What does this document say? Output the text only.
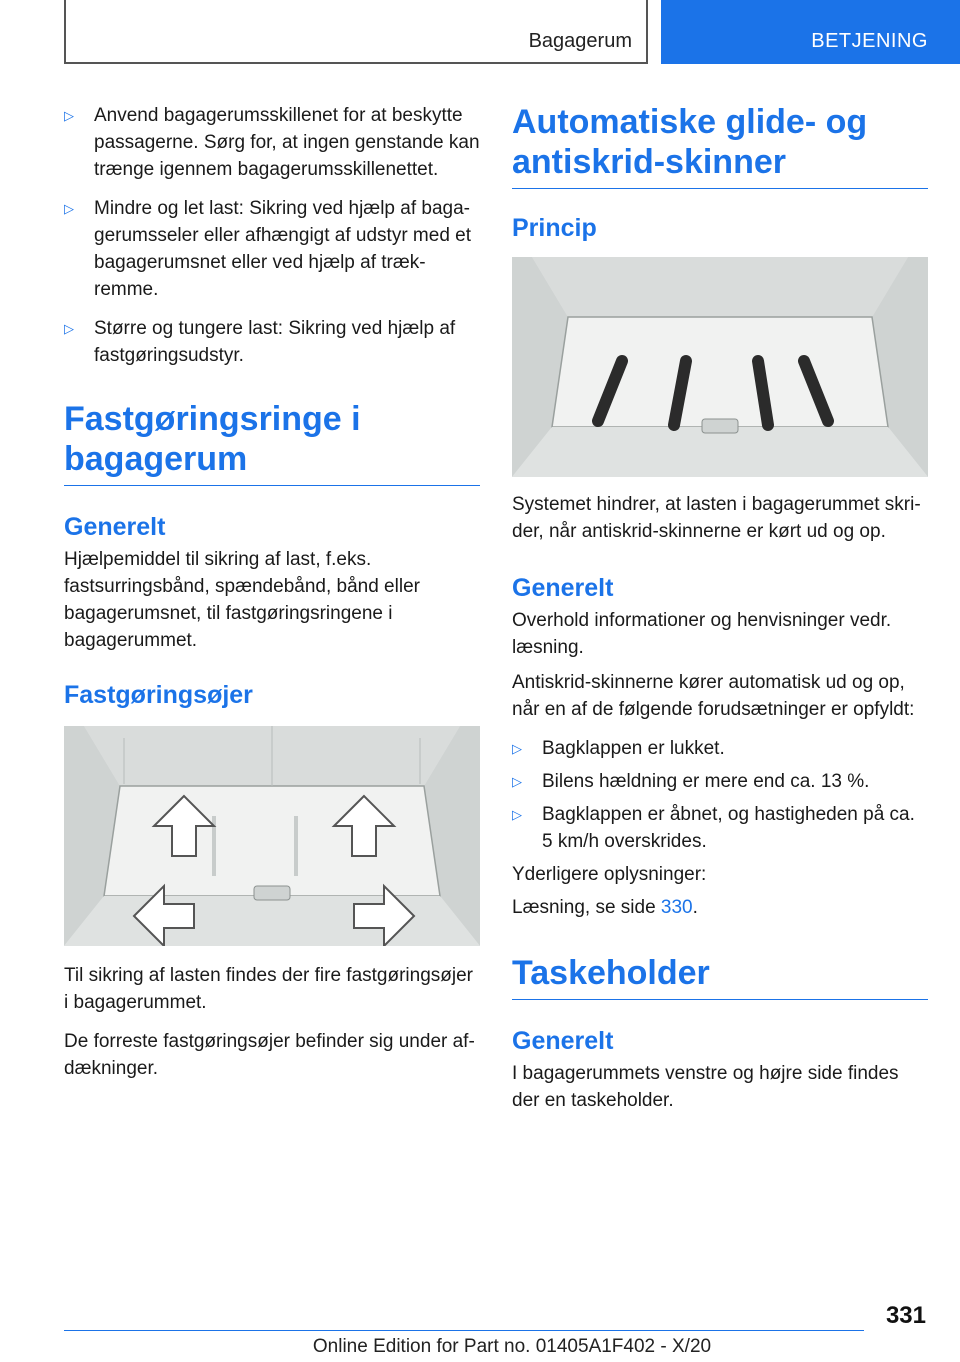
Bagagerum	BETJENING
▷ Anvend bagagerumsskillenet for at beskytte passagerne. Sørg for, at ingen genstande kan trænge igennem bagagerumsskillenettet.
▷ Mindre og let last: Sikring ved hjælp af bagagerumsseler eller afhængigt af udstyr med et bagagerumsnet eller ved hjælp af trækremme.
▷ Større og tungere last: Sikring ved hjælp af fastgøringsudstyr.
Fastgøringsringe i bagagerum
Generelt

Hjælpemiddel til sikring af last, f.eks. fastsurringsbånd, spændebånd, bånd eller bagagerumsnet, til fastgøringsringene i bagagerummet.

Fastgøringsøjer

Til sikring af lasten findes der fire fastgøringsøjer i bagagerummet.

De forreste fastgøringsøjer befinder sig under afdækninger.

Automatiske glide- og antiskrid-skinner
Princip

Systemet hindrer, at lasten i bagagerummet skrider, når antiskrid-skinnerne er kørt ud og op.

Generelt

Overhold informationer og henvisninger vedr. læsning.

Antiskrid-skinnerne kører automatisk ud og op, når en af de følgende forudsætninger er opfyldt:

▷ Bagklappen er lukket.
▷ Bilens hældning er mere end ca. 13 %.
▷ Bagklappen er åbnet, og hastigheden på ca. 5 km/h overskrides.

Yderligere oplysninger:

Læsning, se side 330.

Taskeholder
Generelt

I bagagerummets venstre og højre side findes der en taskeholder.

331
Online Edition for Part no. 01405A1F402 - X/20
